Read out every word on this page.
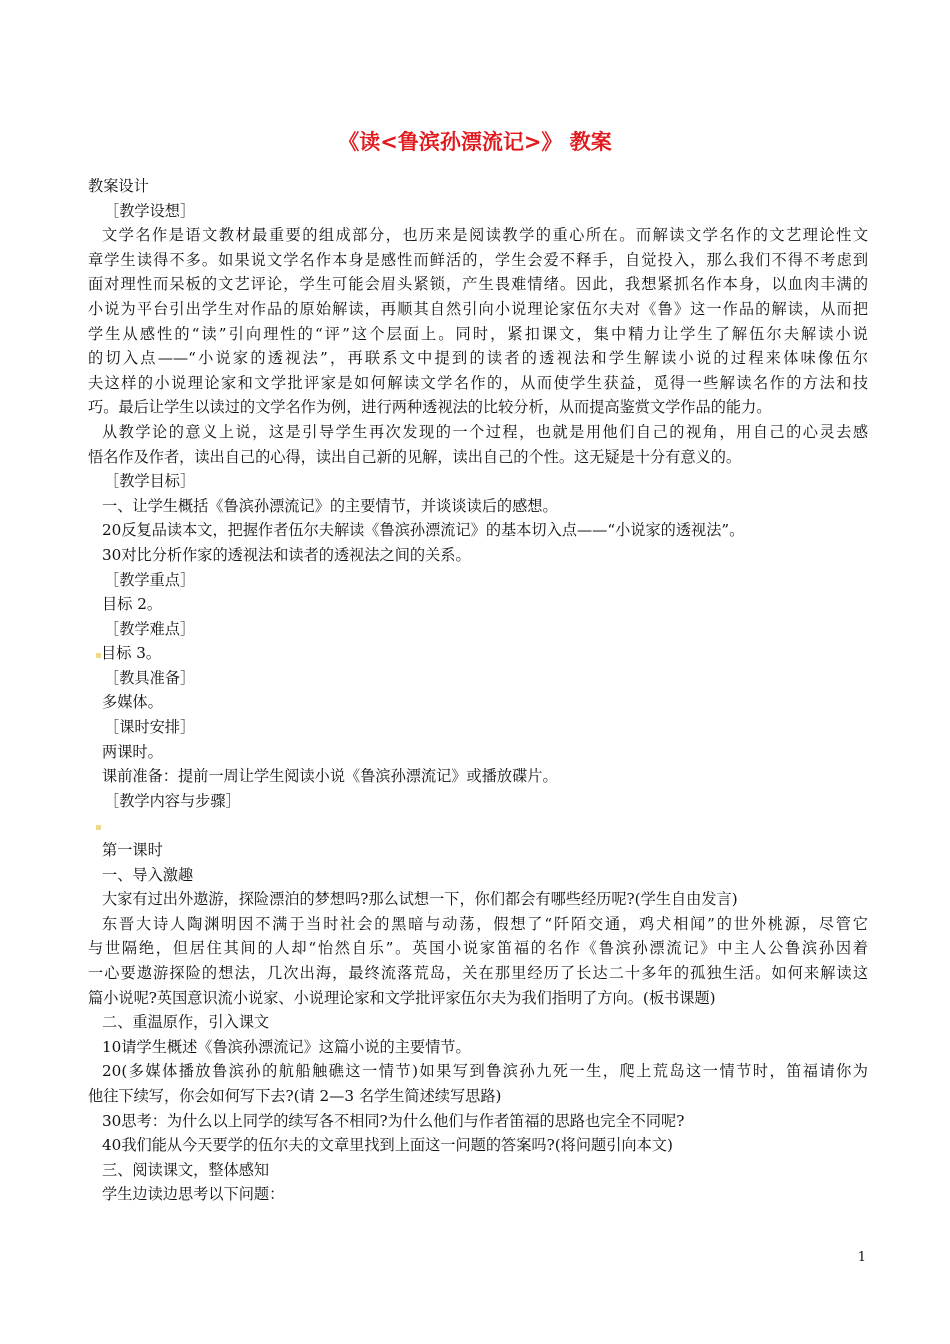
《读<鲁滨孙漂流记>》 教案
教案设计
［教学设想］
文学名作是语文教材最重要的组成部分，也历来是阅读教学的重心所在。而解读文学名作的文艺理论性文
章学生读得不多。如果说文学名作本身是感性而鲜活的，学生会爱不释手，自觉投入，那么我们不得不考虑到
面对理性而呆板的文艺评论，学生可能会眉头紧锁，产生畏难情绪。因此，我想紧抓名作本身，以血肉丰满的
小说为平台引出学生对作品的原始解读，再顺其自然引向小说理论家伍尔夫对《鲁》这一作品的解读，从而把
学生从感性的“读”引向理性的“评”这个层面上。同时，紧扣课文，集中精力让学生了解伍尔夫解读小说
的切入点——“小说家的透视法”，再联系文中提到的读者的透视法和学生解读小说的过程来体味像伍尔
夫这样的小说理论家和文学批评家是如何解读文学名作的，从而使学生获益，觅得一些解读名作的方法和技
巧。最后让学生以读过的文学名作为例，进行两种透视法的比较分析，从而提高鉴赏文学作品的能力。
从教学论的意义上说，这是引导学生再次发现的一个过程，也就是用他们自己的视角，用自己的心灵去感
悟名作及作者，读出自己的心得，读出自己新的见解，读出自己的个性。这无疑是十分有意义的。
［教学目标］
一、让学生概括《鲁滨孙漂流记》的主要情节，并谈谈读后的感想。
20反复品读本文，把握作者伍尔夫解读《鲁滨孙漂流记》的基本切入点——“小说家的透视法”。
30对比分析作家的透视法和读者的透视法之间的关系。
［教学重点］
目标 2。
［教学难点］
目标 3。
［教具准备］
多媒体。
［课时安排］
两课时。
课前准备：提前一周让学生阅读小说《鲁滨孙漂流记》或播放碟片。
［教学内容与步骤］
第一课时
一、导入激趣
大家有过出外遨游，探险漂泊的梦想吗?那么试想一下，你们都会有哪些经历呢?(学生自由发言)
东晋大诗人陶渊明因不满于当时社会的黑暗与动荡，假想了“阡陌交通，鸡犬相闻”的世外桃源，尽管它
与世隔绝，但居住其间的人却“怡然自乐”。英国小说家笛福的名作《鲁滨孙漂流记》中主人公鲁滨孙因着
一心要遨游探险的想法，几次出海，最终流落荒岛，关在那里经历了长达二十多年的孤独生活。如何来解读这
篇小说呢?英国意识流小说家、小说理论家和文学批评家伍尔夫为我们指明了方向。(板书课题)
二、重温原作，引入课文
10请学生概述《鲁滨孙漂流记》这篇小说的主要情节。
20(多媒体播放鲁滨孙的航船触礁这一情节)如果写到鲁滨孙九死一生，爬上荒岛这一情节时，笛福请你为
他往下续写，你会如何写下去?(请 2—3 名学生简述续写思路)
30思考：为什么以上同学的续写各不相同?为什么他们与作者笛福的思路也完全不同呢?
40我们能从今天要学的伍尔夫的文章里找到上面这一问题的答案吗?(将问题引向本文)
三、阅读课文，整体感知
学生边读边思考以下问题：
1
